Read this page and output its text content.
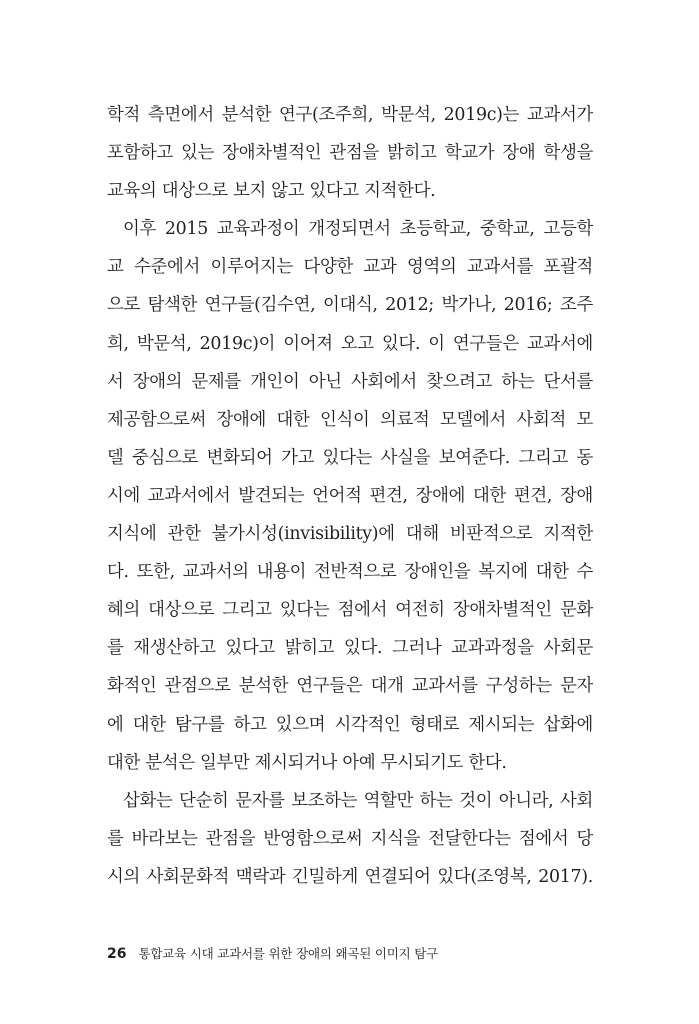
학적 측면에서 분석한 연구(조주희, 박문석, 2019c)는 교과서가
포함하고 있는 장애차별적인 관점을 밝히고 학교가 장애 학생을
교육의 대상으로 보지 않고 있다고 지적한다.
이후 2015 교육과정이 개정되면서 초등학교, 중학교, 고등학
교 수준에서 이루어지는 다양한 교과 영역의 교과서를 포괄적
으로 탐색한 연구들(김수연, 이대식, 2012; 박가나, 2016; 조주
희, 박문석, 2019c)이 이어져 오고 있다. 이 연구들은 교과서에
서 장애의 문제를 개인이 아닌 사회에서 찾으려고 하는 단서를
제공함으로써 장애에 대한 인식이 의료적 모델에서 사회적 모
델 중심으로 변화되어 가고 있다는 사실을 보여준다. 그리고 동
시에 교과서에서 발견되는 언어적 편견, 장애에 대한 편견, 장애
지식에 관한 불가시성(invisibility)에 대해 비판적으로 지적한
다. 또한, 교과서의 내용이 전반적으로 장애인을 복지에 대한 수
혜의 대상으로 그리고 있다는 점에서 여전히 장애차별적인 문화
를 재생산하고 있다고 밝히고 있다. 그러나 교과과정을 사회문
화적인 관점으로 분석한 연구들은 대개 교과서를 구성하는 문자
에 대한 탐구를 하고 있으며 시각적인 형태로 제시되는 삽화에
대한 분석은 일부만 제시되거나 아예 무시되기도 한다.
삽화는 단순히 문자를 보조하는 역할만 하는 것이 아니라, 사회
를 바라보는 관점을 반영함으로써 지식을 전달한다는 점에서 당
시의 사회문화적 맥락과 긴밀하게 연결되어 있다(조영복, 2017).
26 통합교육 시대 교과서를 위한 장애의 왜곡된 이미지 탐구
